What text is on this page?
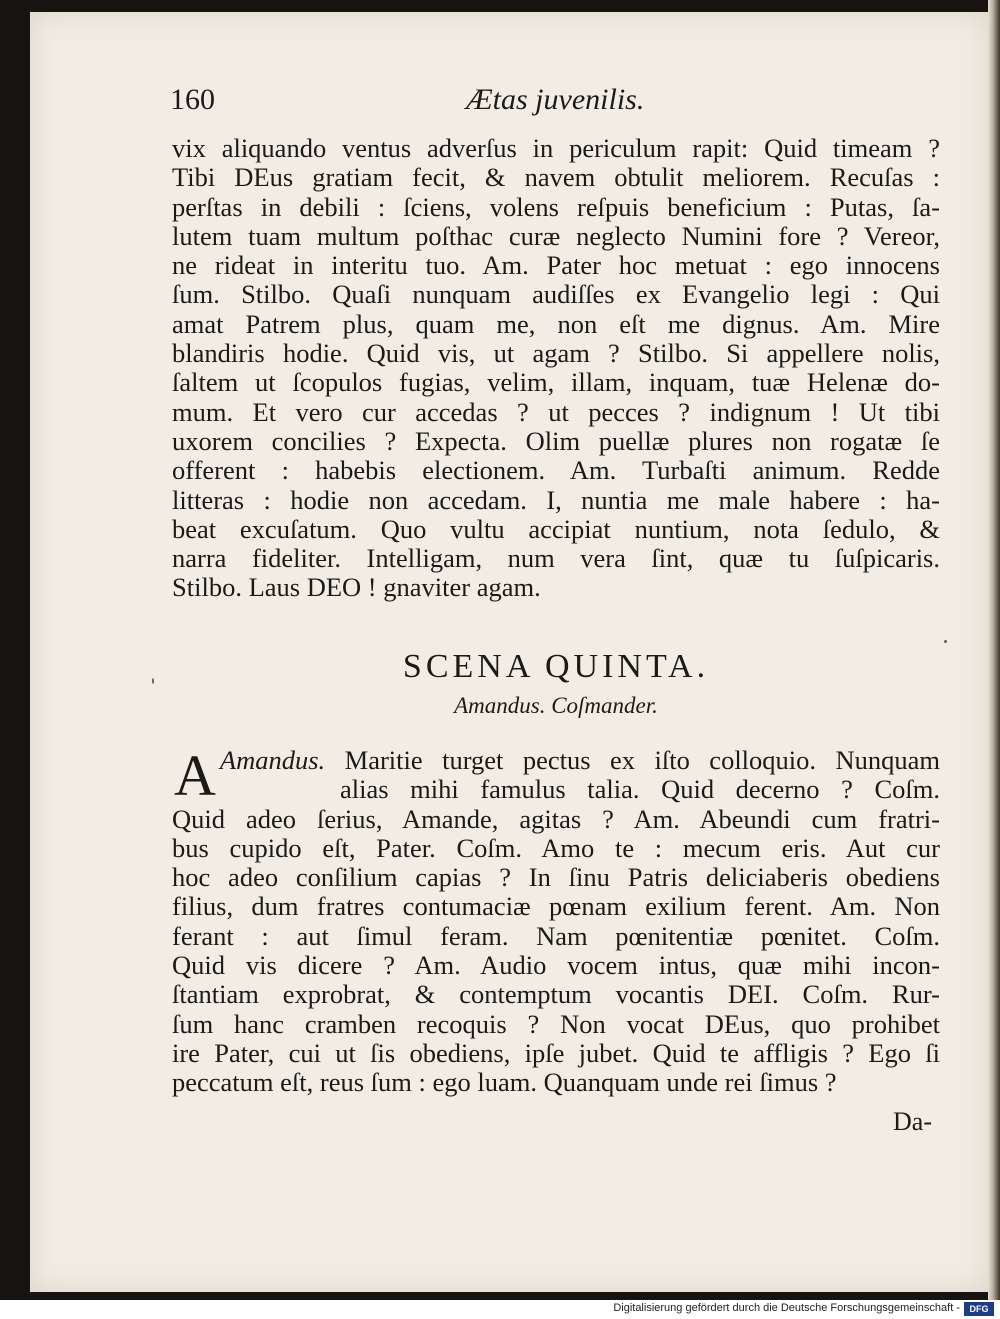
160	Ætas juvenilis.
vix aliquando ventus adverſus in periculum rapit: Quid timeam ?
Tibi DEus gratiam fecit, & navem obtulit meliorem. Recuſas :
perſtas in debili : ſciens, volens reſpuis beneficium : Putas, ſa-
lutem tuam multum poſthac curæ neglecto Numini fore ? Vereor,
ne rideat in interitu tuo. Am. Pater hoc metuat : ego innocens
ſum. Stilbo. Quaſi nunquam audiſſes ex Evangelio legi : Qui
amat Patrem plus, quam me, non eſt me dignus. Am. Mire
blandiris hodie. Quid vis, ut agam ? Stilbo. Si appellere nolis,
ſaltem ut ſcopulos fugias, velim, illam, inquam, tuæ Helenæ do-
mum. Et vero cur accedas ? ut pecces ? indignum ! Ut tibi
uxorem concilies ? Expecta. Olim puellæ plures non rogatæ ſe
offerent : habebis electionem. Am. Turbaſti animum. Redde
litteras : hodie non accedam. I, nuntia me male habere : ha-
beat excuſatum. Quo vultu accipiat nuntium, nota ſedulo, &
narra fideliter. Intelligam, num vera ſint, quæ tu ſuſpicaris.
Stilbo. Laus DEO ! gnaviter agam.
SCENA QUINTA.
Amandus. Coſmander.
Amandus.
A	Maritie turget pectus ex iſto colloquio. Nunquam
alias mihi famulus talia. Quid decerno ? Coſm.
Quid adeo ſerius, Amande, agitas ? Am. Abeundi cum fratri-
bus cupido eſt, Pater. Coſm. Amo te : mecum eris. Aut cur
hoc adeo conſilium capias ? In ſinu Patris deliciaberis obediens
filius, dum fratres contumaciæ pœnam exilium ferent. Am. Non
ferant : aut ſimul feram. Nam pœnitentiæ pœnitet. Coſm.
Quid vis dicere ? Am. Audio vocem intus, quæ mihi incon-
ſtantiam exprobrat, & contemptum vocantis DEI. Coſm. Rur-
ſum hanc cramben recoquis ? Non vocat DEus, quo prohibet
ire Pater, cui ut ſis obediens, ipſe jubet. Quid te affligis ? Ego ſi
peccatum eſt, reus ſum : ego luam. Quanquam unde rei ſimus ?
Da-
Digitalisierung gefördert durch die Deutsche Forschungsgemeinschaft -	DFG
